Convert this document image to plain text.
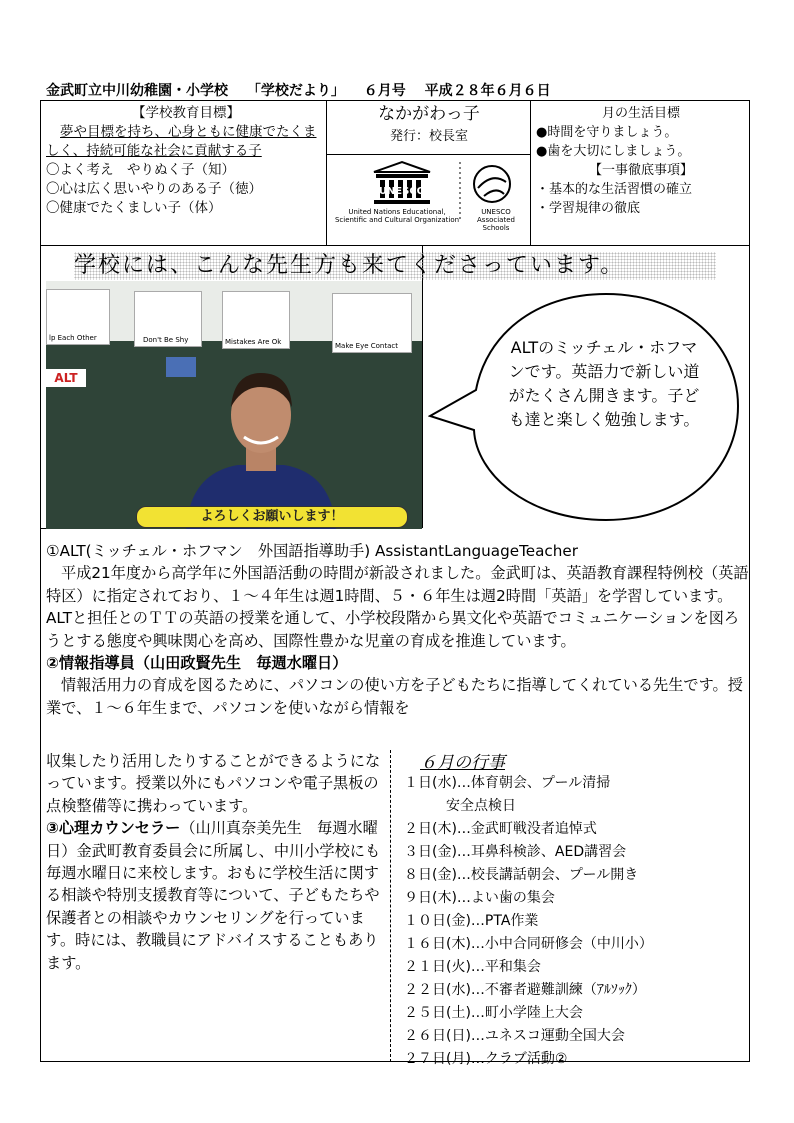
金武町立中川幼稚園・小学校 「学校だより」 ６月号 平成２８年６月６日
【学校教育目標】
夢や目標を持ち、心身ともに健康でたくましく、持続可能な社会に貢献する子
〇よく考え　やりぬく子（知）
〇心は広く思いやりのある子（徳）
〇健康でたくましい子（体）
なかがわっ子
発行：校長室
UNESCO
United Nations Educational, Scientific and Cultural Organization
UNESCO Associated Schools
月の生活目標
●時間を守りましょう。
●歯を大切にしましょう。
【一事徹底事項】
・基本的な生活習慣の確立
・学習規律の徹底
学校には、こんな先生方も来てくださっています。
lp Each Other	Don't Be Shy	Mistakes Are Ok	Make Eye Contact
ALT
よろしくお願いします！
ALTのミッチェル・ホフマンです。英語力で新しい道がたくさん開きます。子ども達と楽しく勉強します。

①ALT(ミッチェル・ホフマン　外国語指導助手) AssistantLanguageTeacher

平成21年度から高学年に外国語活動の時間が新設されました。金武町は、英語教育課程特例校（英語特区）に指定されており、１～４年生は週1時間、５・６年生は週2時間「英語」を学習しています。ALTと担任とのＴＴの英語の授業を通して、小学校段階から異文化や英語でコミュニケーションを図ろうとする態度や興味関心を高め、国際性豊かな児童の育成を推進しています。

②情報指導員（山田政賢先生　毎週水曜日）

情報活用力の育成を図るために、パソコンの使い方を子どもたちに指導してくれている先生です。授業で、１～６年生まで、パソコンを使いながら情報を

収集したり活用したりすることができるようになっています。授業以外にもパソコンや電子黒板の点検整備等に携わっています。

③心理カウンセラー（山川真奈美先生　毎週水曜日）金武町教育委員会に所属し、中川小学校にも毎週水曜日に来校します。おもに学校生活に関する相談や特別支援教育等について、子どもたちや保護者との相談やカウンセリングを行っています。時には、教職員にアドバイスすることもあります。

６月の行事
１日(水)…体育朝会、プール清掃
　　　安全点検日
２日(木)…金武町戦没者追悼式
３日(金)…耳鼻科検診、AED講習会
８日(金)…校長講話朝会、プール開き
９日(木)…よい歯の集会
１０日(金)…PTA作業
１６日(木)…小中合同研修会（中川小）
２１日(火)…平和集会
２２日(水)…不審者避難訓練（ｱﾙｿｯｸ）
２５日(土)…町小学陸上大会
２６日(日)…ユネスコ運動全国大会
２７日(月)…クラブ活動②
